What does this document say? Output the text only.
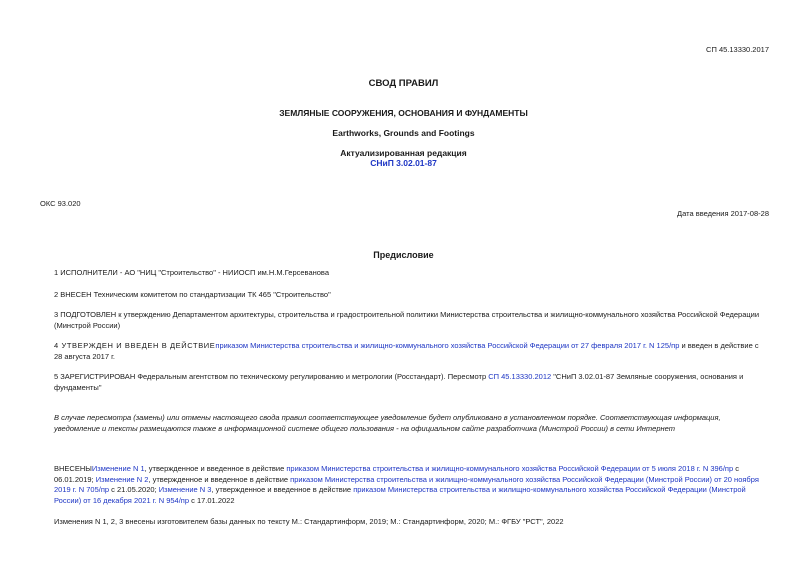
СП 45.13330.2017
СВОД ПРАВИЛ
ЗЕМЛЯНЫЕ СООРУЖЕНИЯ, ОСНОВАНИЯ И ФУНДАМЕНТЫ
Earthworks, Grounds and Footings
Актуализированная редакция
СНиП 3.02.01-87
ОКС 93.020
Дата введения 2017-08-28
Предисловие
1 ИСПОЛНИТЕЛИ - АО "НИЦ "Строительство" - НИИОСП им.Н.М.Герсеванова
2 ВНЕСЕН Техническим комитетом по стандартизации ТК 465 "Строительство"
3 ПОДГОТОВЛЕН к утверждению Департаментом архитектуры, строительства и градостроительной политики Министерства строительства и жилищно-коммунального хозяйства Российской Федерации (Минстрой России)
4 УТВЕРЖДЕН И ВВЕДЕН В ДЕЙСТВИЕприказом Министерства строительства и жилищно-коммунального хозяйства Российской Федерации от 27 февраля 2017 г. N 125/пр и введен в действие с 28 августа 2017 г.
5 ЗАРЕГИСТРИРОВАН Федеральным агентством по техническому регулированию и метрологии (Росстандарт). Пересмотр СП 45.13330.2012 "СНиП 3.02.01-87 Земляные сооружения, основания и фундаменты"
В случае пересмотра (замены) или отмены настоящего свода правил соответствующее уведомление будет опубликовано в установленном порядке. Соответствующая информация, уведомление и тексты размещаются также в информационной системе общего пользования - на официальном сайте разработчика (Минстрой России) в сети Интернет
ВНЕСЕНЫИзменение N 1, утвержденное и введенное в действие приказом Министерства строительства и жилищно-коммунального хозяйства Российской Федерации от 5 июля 2018 г. N 396/пр с 06.01.2019; Изменение N 2, утвержденное и введенное в действие приказом Министерства строительства и жилищно-коммунального хозяйства Российской Федерации (Минстрой России) от 20 ноября 2019 г. N 705/пр с 21.05.2020; Изменение N 3, утвержденное и введенное в действие приказом Министерства строительства и жилищно-коммунального хозяйства Российской Федерации (Минстрой России) от 16 декабря 2021 г. N 954/пр с 17.01.2022
Изменения N 1, 2, 3 внесены изготовителем базы данных по тексту М.: Стандартинформ, 2019; М.: Стандартинформ, 2020; М.: ФГБУ "РСТ", 2022
